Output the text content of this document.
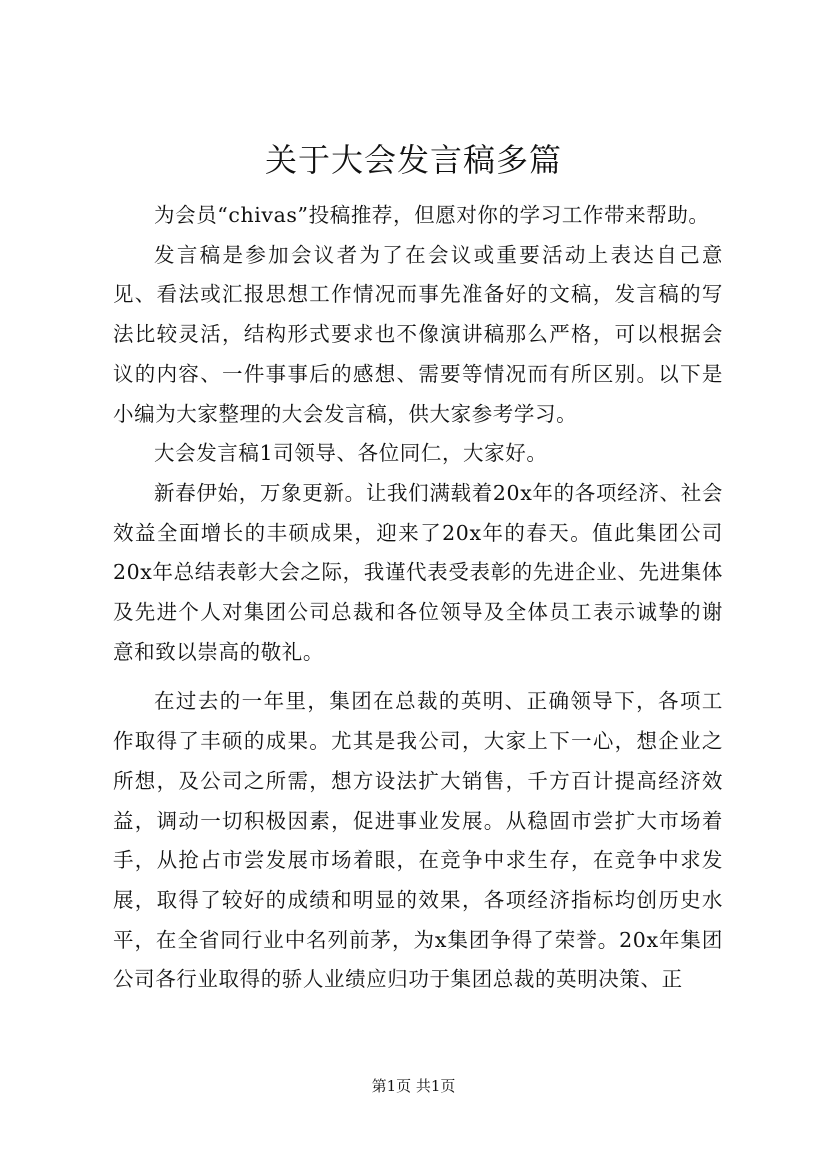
关于大会发言稿多篇

为会员“chivas”投稿推荐，但愿对你的学习工作带来帮助。

发言稿是参加会议者为了在会议或重要活动上表达自己意见、看法或汇报思想工作情况而事先准备好的文稿，发言稿的写法比较灵活，结构形式要求也不像演讲稿那么严格，可以根据会议的内容、一件事事后的感想、需要等情况而有所区别。以下是小编为大家整理的大会发言稿，供大家参考学习。

大会发言稿1司领导、各位同仁，大家好。

新春伊始，万象更新。让我们满载着20x年的各项经济、社会效益全面增长的丰硕成果，迎来了20x年的春天。值此集团公司20x年总结表彰大会之际，我谨代表受表彰的先进企业、先进集体及先进个人对集团公司总裁和各位领导及全体员工表示诚挚的谢意和致以崇高的敬礼。

在过去的一年里，集团在总裁的英明、正确领导下，各项工作取得了丰硕的成果。尤其是我公司，大家上下一心，想企业之所想，及公司之所需，想方设法扩大销售，千方百计提高经济效益，调动一切积极因素，促进事业发展。从稳固市尝扩大市场着手，从抢占市尝发展市场着眼，在竞争中求生存，在竞争中求发展，取得了较好的成绩和明显的效果，各项经济指标均创历史水平，在全省同行业中名列前茅，为x集团争得了荣誉。20x年集团公司各行业取得的骄人业绩应归功于集团总裁的英明决策、正

第1页 共1页
